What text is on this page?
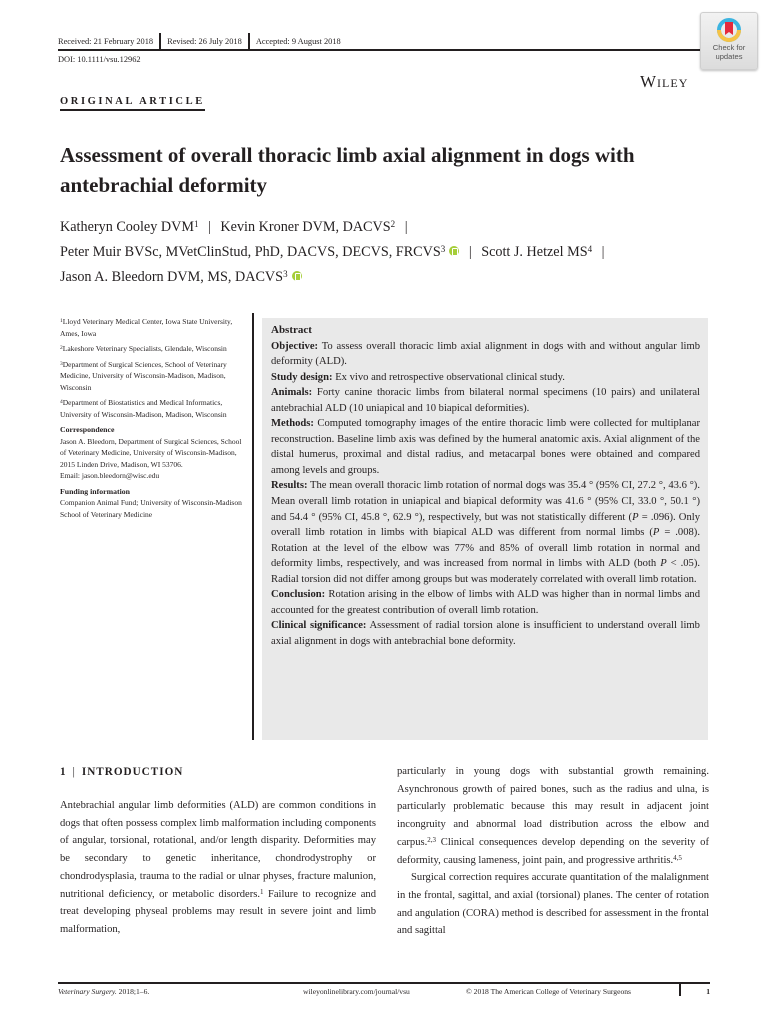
Received: 21 February 2018	Revised: 26 July 2018	Accepted: 9 August 2018
DOI: 10.1111/vsu.12962
Check for
updates
Wiley
ORIGINAL ARTICLE
Assessment of overall thoracic limb axial alignment in dogs with antebrachial deformity
Katheryn Cooley DVM$^1$ | Kevin Kroner DVM, DACVS$^2$ |
Peter Muir BVSc, MVetClinStud, PhD, DACVS, DECVS, FRCVS$^3$ | Scott J. Hetzel $MS^4$ |
Jason A. Bleedorn DVM, MS, DACVS$^3$

$^1$Lloyd Veterinary Medical Center, Iowa State University, Ames, Iowa

$^2$Lakeshore Veterinary Specialists, Glendale, Wisconsin

$^3$Department of Surgical Sciences, School of Veterinary Medicine, University of Wisconsin-Madison, Madison, Wisconsin

$^4$Department of Biostatistics and Medical Informatics, University of Wisconsin-Madison, Madison, Wisconsin

Correspondence
Jason A. Bleedorn, Department of Surgical Sciences, School of Veterinary Medicine, University of Wisconsin-Madison, 2015 Linden Drive, Madison, WI 53706.
Email: jason.bleedorn@wisc.edu
Funding information
Companion Animal Fund; University of Wisconsin-Madison School of Veterinary Medicine
Abstract
Objective: To assess overall thoracic limb axial alignment in dogs with and without angular limb deformity (ALD).
Study design: Ex vivo and retrospective observational clinical study.
Animals: Forty canine thoracic limbs from bilateral normal specimens (10 pairs) and unilateral antebrachial ALD (10 uniapical and 10 biapical deformities).
Methods: Computed tomography images of the entire thoracic limb were collected for multiplanar reconstruction. Baseline limb axis was defined by the humeral anatomic axis. Axial alignment of the distal humerus, proximal and distal radius, and metacarpal bones were obtained and compared among levels and groups.
Results: The mean overall thoracic limb rotation of normal dogs was 35.4 ° (95% CI, 27.2 °, 43.6 °). Mean overall limb rotation in uniapical and biapical deformity was 41.6 ° (95% CI, 33.0 °, 50.1 °) and 54.4 ° (95% CI, 45.8 °, 62.9 °), respectively, but was not statistically different (P = .096). Only overall limb rotation in limbs with biapical ALD was different from normal limbs (P = .008). Rotation at the level of the elbow was 77% and 85% of overall limb rotation in normal and deformity limbs, respectively, and was increased from normal in limbs with ALD (both P < .05). Radial torsion did not differ among groups but was moderately correlated with overall limb rotation.
Conclusion: Rotation arising in the elbow of limbs with ALD was higher than in normal limbs and accounted for the greatest contribution of overall limb rotation.
Clinical significance: Assessment of radial torsion alone is insufficient to understand overall limb axial alignment in dogs with antebrachial bone deformity.
1 | INTRODUCTION

Antebrachial angular limb deformities (ALD) are common conditions in dogs that often possess complex limb malformation including components of angular, torsional, rotational, and/or length disparity. Deformities may be secondary to genetic inheritance, chondrodystrophy or chondrodysplasia, trauma to the radial or ulnar physes, fracture malunion, nutritional deficiency, or metabolic disorders.$^1$ Failure to recognize and treat developing physeal problems may result in severe joint and limb malformation,

particularly in young dogs with substantial growth remaining. Asynchronous growth of paired bones, such as the radius and ulna, is particularly problematic because this may result in adjacent joint incongruity and abnormal load distribution across the elbow and carpus.$^{2,3}$ Clinical consequences develop depending on the severity of deformity, causing lameness, joint pain, and progressive arthritis.$^{4,5}$

Surgical correction requires accurate quantitation of the malalignment in the frontal, sagittal, and axial (torsional) planes. The center of rotation and angulation (CORA) method is described for assessment in the frontal and sagittal

Veterinary Surgery. 2018;1–6.	wileyonlinelibrary.com/journal/vsu	© 2018 The American College of Veterinary Surgeons	1
